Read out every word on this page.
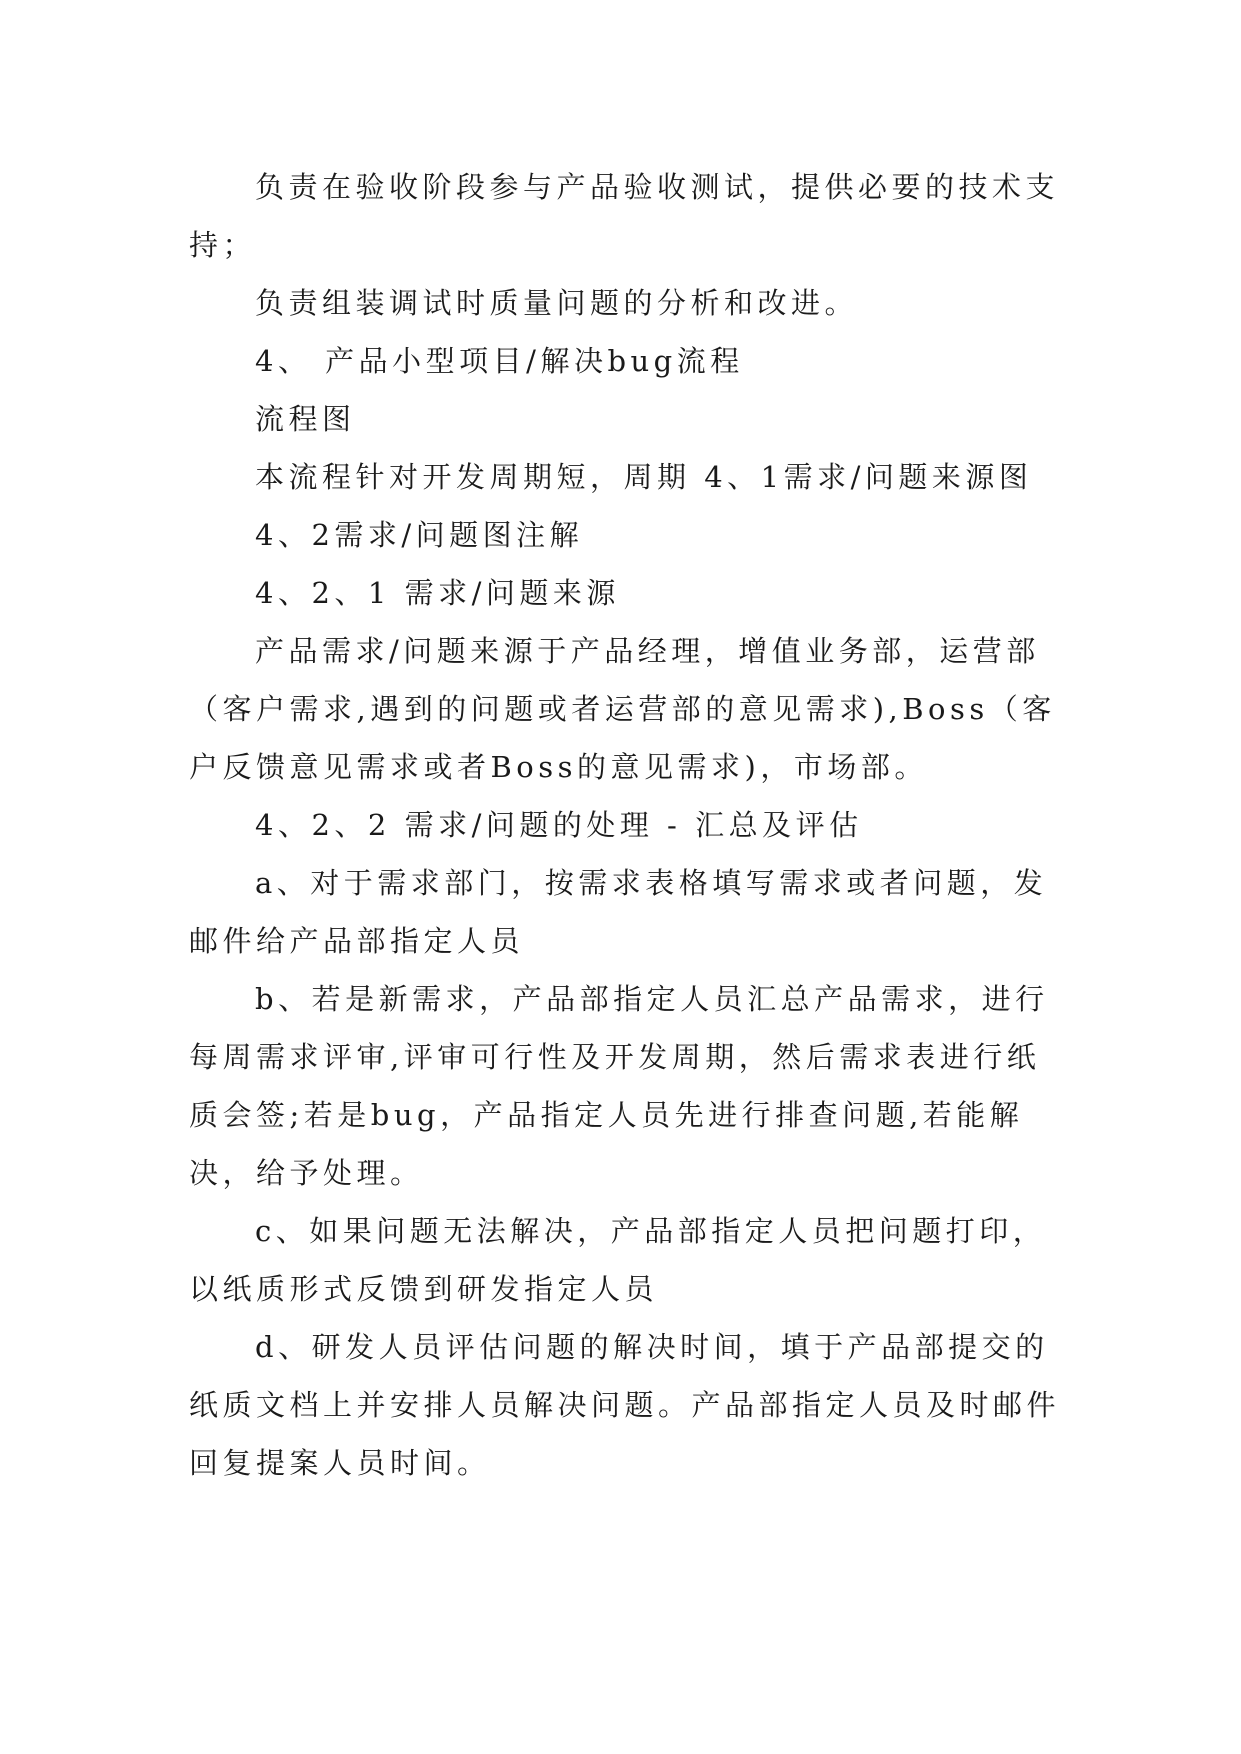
负责在验收阶段参与产品验收测试，提供必要的技术支持；

负责组装调试时质量问题的分析和改进。

4、 产品小型项目/解决bug流程

流程图

本流程针对开发周期短，周期 4、1需求/问题来源图

4、2需求/问题图注解

4、2、1 需求/问题来源

产品需求/问题来源于产品经理，增值业务部，运营部（客户需求,遇到的问题或者运营部的意见需求),Boss（客户反馈意见需求或者Boss的意见需求)，市场部。

4、2、2 需求/问题的处理 - 汇总及评估

a、对于需求部门，按需求表格填写需求或者问题，发邮件给产品部指定人员

b、若是新需求，产品部指定人员汇总产品需求，进行每周需求评审,评审可行性及开发周期，然后需求表进行纸质会签;若是bug，产品指定人员先进行排查问题,若能解决，给予处理。

c、如果问题无法解决，产品部指定人员把问题打印，以纸质形式反馈到研发指定人员

d、研发人员评估问题的解决时间，填于产品部提交的纸质文档上并安排人员解决问题。产品部指定人员及时邮件回复提案人员时间。
